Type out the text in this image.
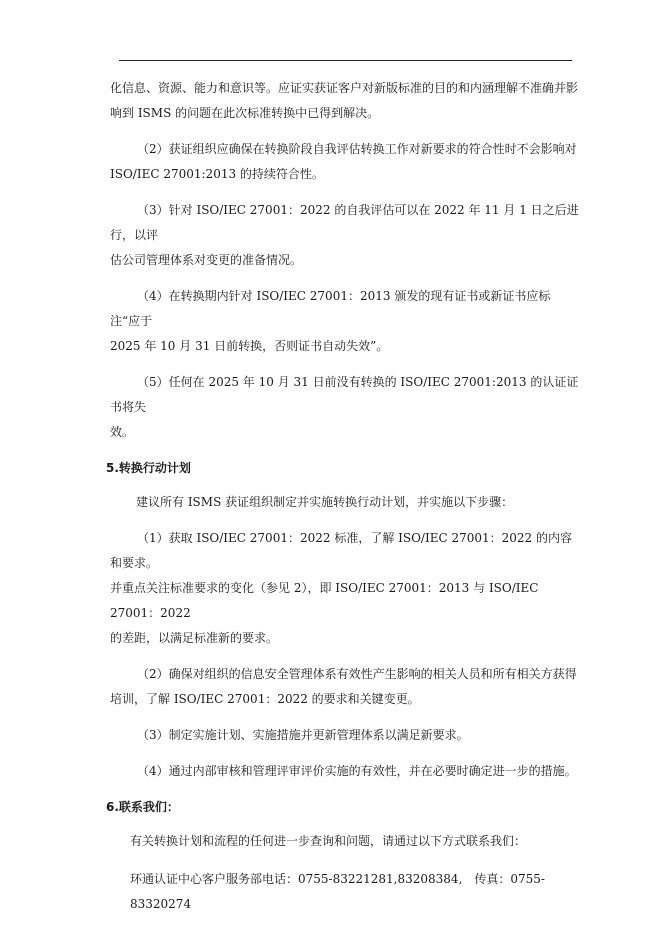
化信息、资源、能力和意识等。应证实获证客户对新版标准的目的和内涵理解不准确并影

响到 ISMS 的问题在此次标准转换中已得到解决。

（2）获证组织应确保在转换阶段自我评估转换工作对新要求的符合性时不会影响对

ISO/IEC 27001:2013 的持续符合性。

（3）针对 ISO/IEC 27001：2022 的自我评估可以在 2022 年 11 月 1 日之后进行，以评

估公司管理体系对变更的准备情况。

（4）在转换期内针对 ISO/IEC 27001：2013 颁发的现有证书或新证书应标注“应于

2025 年 10 月 31 日前转换，否则证书自动失效”。

（5）任何在 2025 年 10 月 31 日前没有转换的 ISO/IEC 27001:2013 的认证证书将失

效。

5.转换行动计划

建议所有 ISMS 获证组织制定并实施转换行动计划，并实施以下步骤：

（1）获取 ISO/IEC 27001：2022 标准，了解 ISO/IEC 27001：2022 的内容和要求。

并重点关注标准要求的变化（参见 2），即 ISO/IEC 27001：2013 与 ISO/IEC 27001：2022

的差距，以满足标准新的要求。

（2）确保对组织的信息安全管理体系有效性产生影响的相关人员和所有相关方获得

培训，了解 ISO/IEC 27001：2022 的要求和关键变更。

（3）制定实施计划、实施措施并更新管理体系以满足新要求。

（4）通过内部审核和管理评审评价实施的有效性，并在必要时确定进一步的措施。

6.联系我们：

有关转换计划和流程的任何进一步查询和问题，请通过以下方式联系我们：

环通认证中心客户服务部电话：0755-83221281,83208384,　传真：0755-83320274
